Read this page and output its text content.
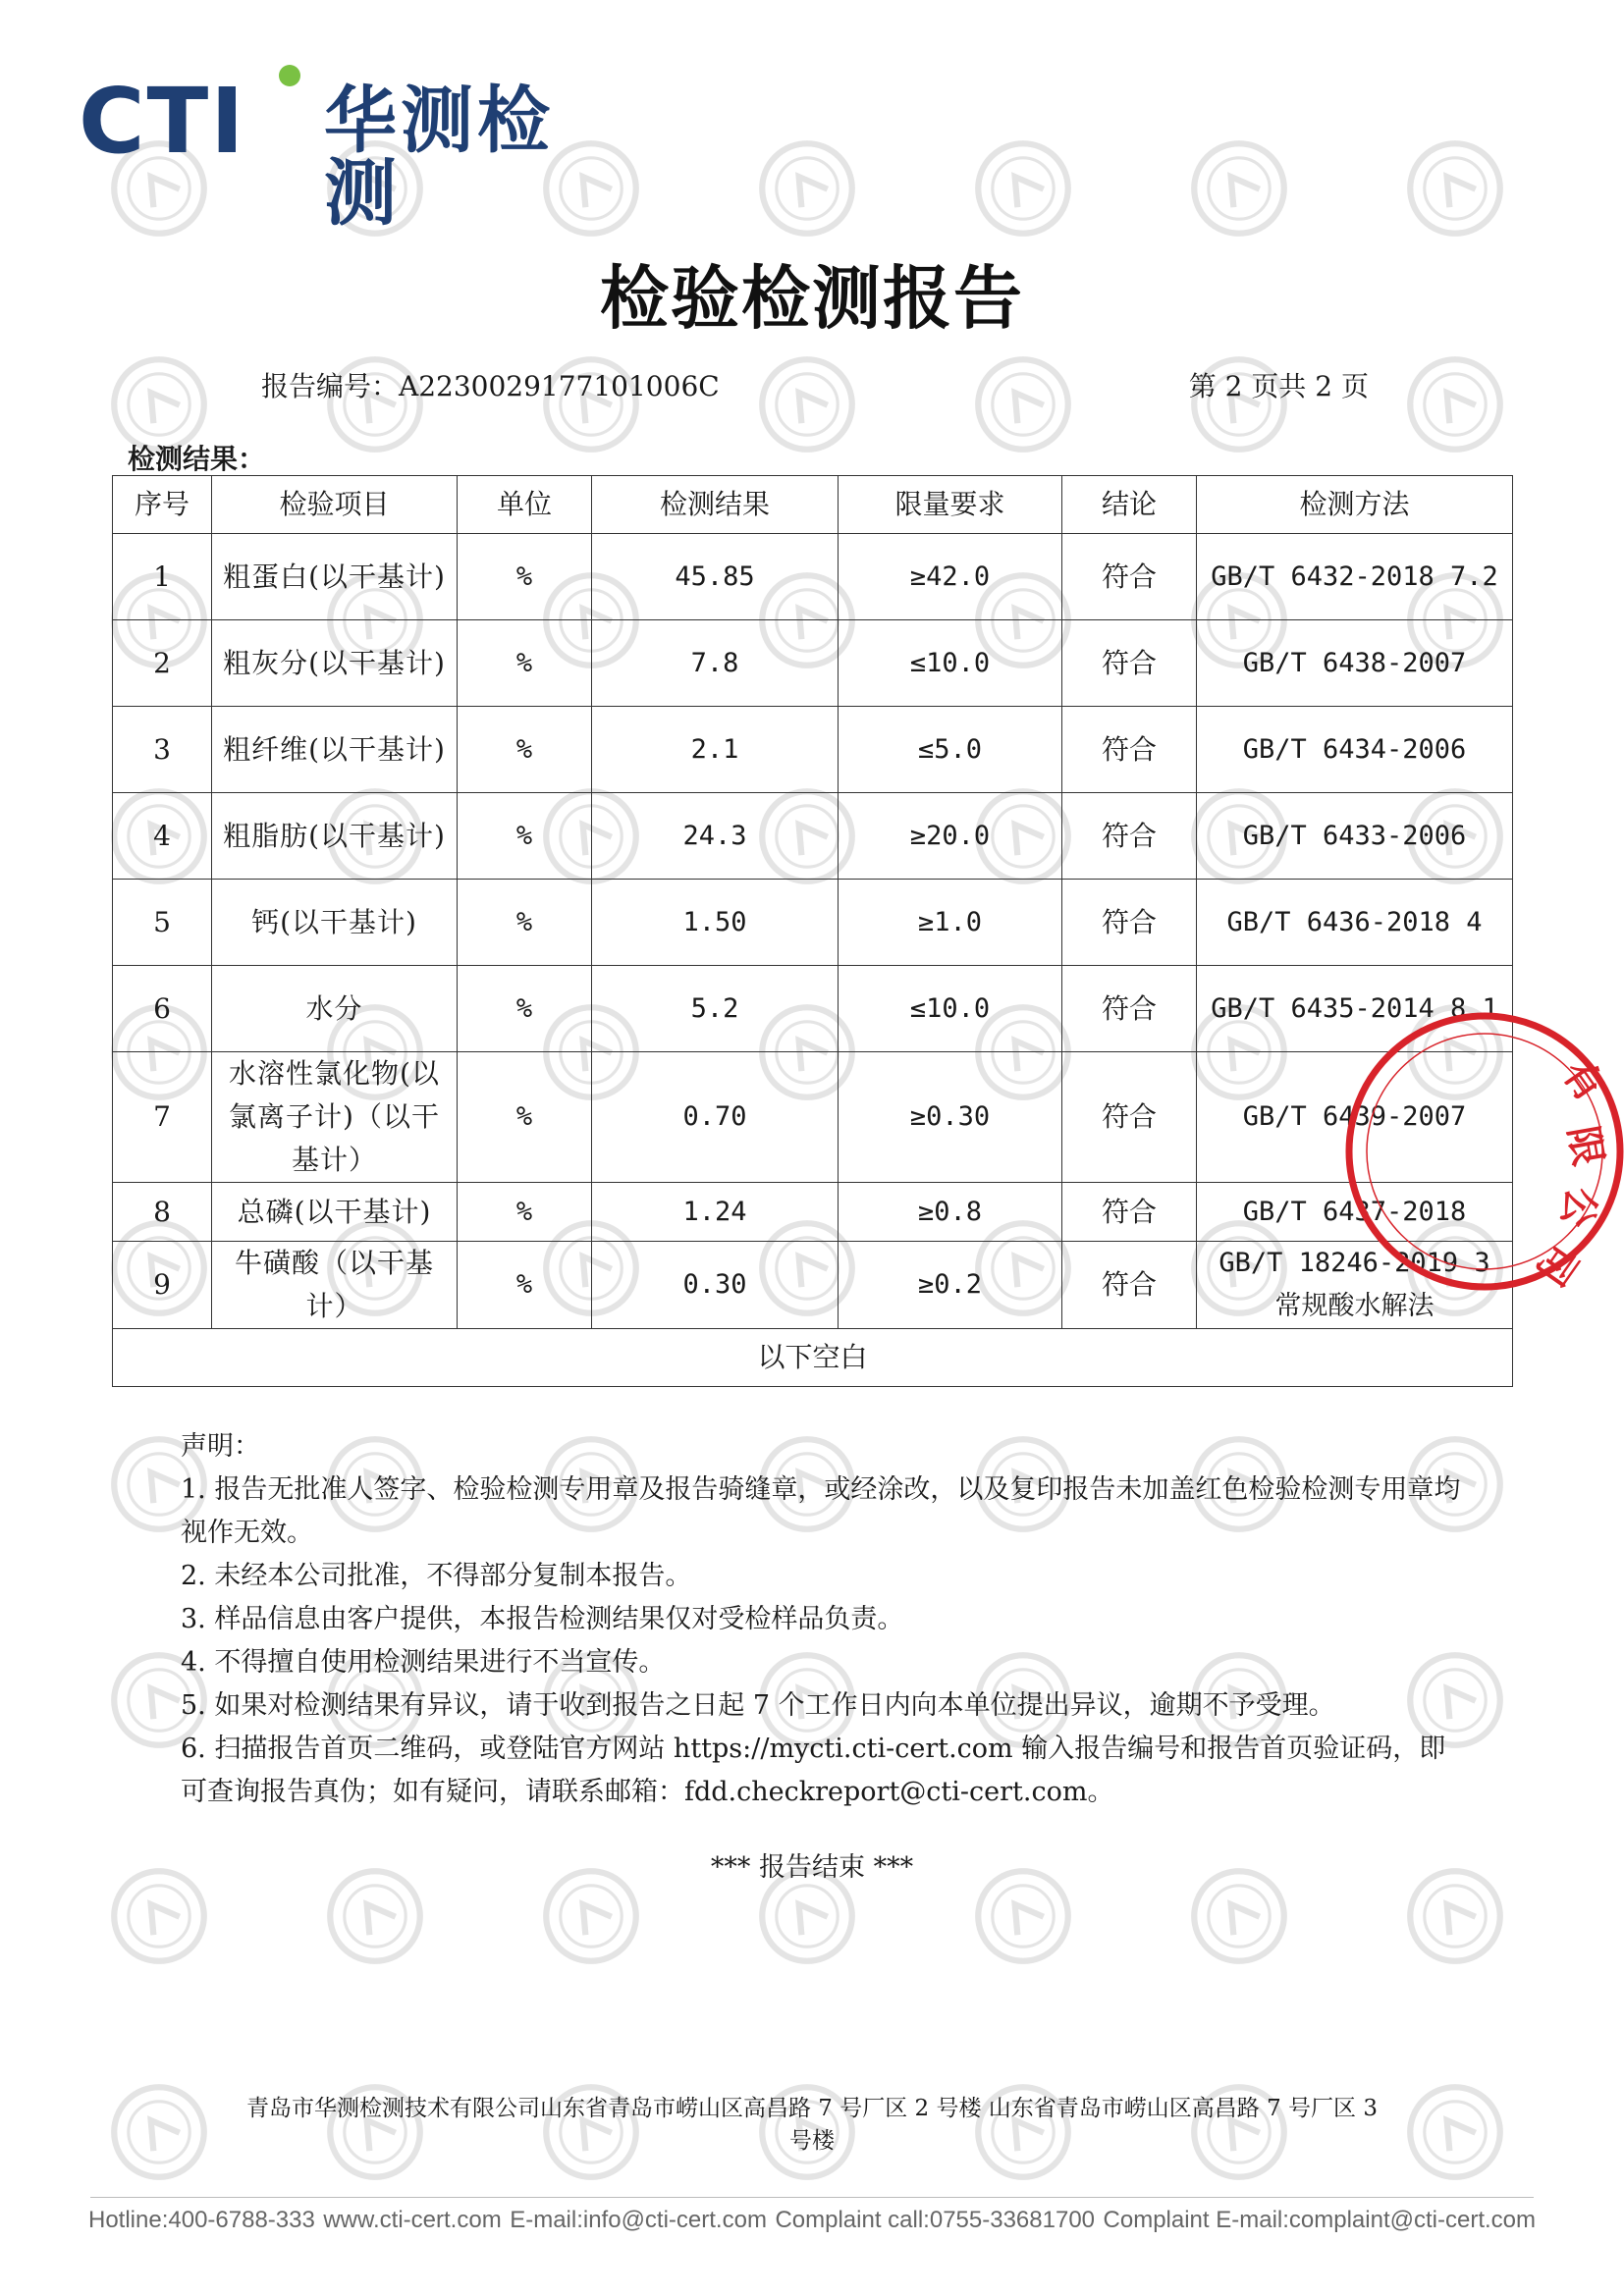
CTI 华测检测
检验检测报告
报告编号：A2230029177101006C	第 2 页共 2 页
检测结果：
序号	检验项目	单位	检测结果	限量要求	结论	检测方法
1	粗蛋白(以干基计)	%	45.85	≥42.0	符合	GB/T 6432-2018 7.2
2	粗灰分(以干基计)	%	7.8	≤10.0	符合	GB/T 6438-2007
3	粗纤维(以干基计)	%	2.1	≤5.0	符合	GB/T 6434-2006
4	粗脂肪(以干基计)	%	24.3	≥20.0	符合	GB/T 6433-2006
5	钙(以干基计)	%	1.50	≥1.0	符合	GB/T 6436-2018 4
6	水分	%	5.2	≤10.0	符合	GB/T 6435-2014 8.1
7	水溶性氯化物(以氯离子计)（以干基计）	%	0.70	≥0.30	符合	GB/T 6439-2007
8	总磷(以干基计)	%	1.24	≥0.8	符合	GB/T 6437-2018
9	牛磺酸（以干基计）	%	0.30	≥0.2	符合	GB/T 18246-2019 3 常规酸水解法
以下空白						
有
限
公
司

声明：

1. 报告无批准人签字、检验检测专用章及报告骑缝章，或经涂改，以及复印报告未加盖红色检验检测专用章均视作无效。

2. 未经本公司批准，不得部分复制本报告。

3. 样品信息由客户提供，本报告检测结果仅对受检样品负责。

4. 不得擅自使用检测结果进行不当宣传。

5. 如果对检测结果有异议，请于收到报告之日起 7 个工作日内向本单位提出异议，逾期不予受理。

6. 扫描报告首页二维码，或登陆官方网站 https://mycti.cti-cert.com 输入报告编号和报告首页验证码，即可查询报告真伪；如有疑问，请联系邮箱：fdd.checkreport@cti-cert.com。

*** 报告结束 ***
青岛市华测检测技术有限公司山东省青岛市崂山区高昌路 7 号厂区 2 号楼 山东省青岛市崂山区高昌路 7 号厂区 3 号楼
Hotline:400-6788-333 www.cti-cert.com E-mail:info@cti-cert.com Complaint call:0755-33681700 Complaint E-mail:complaint@cti-cert.com
